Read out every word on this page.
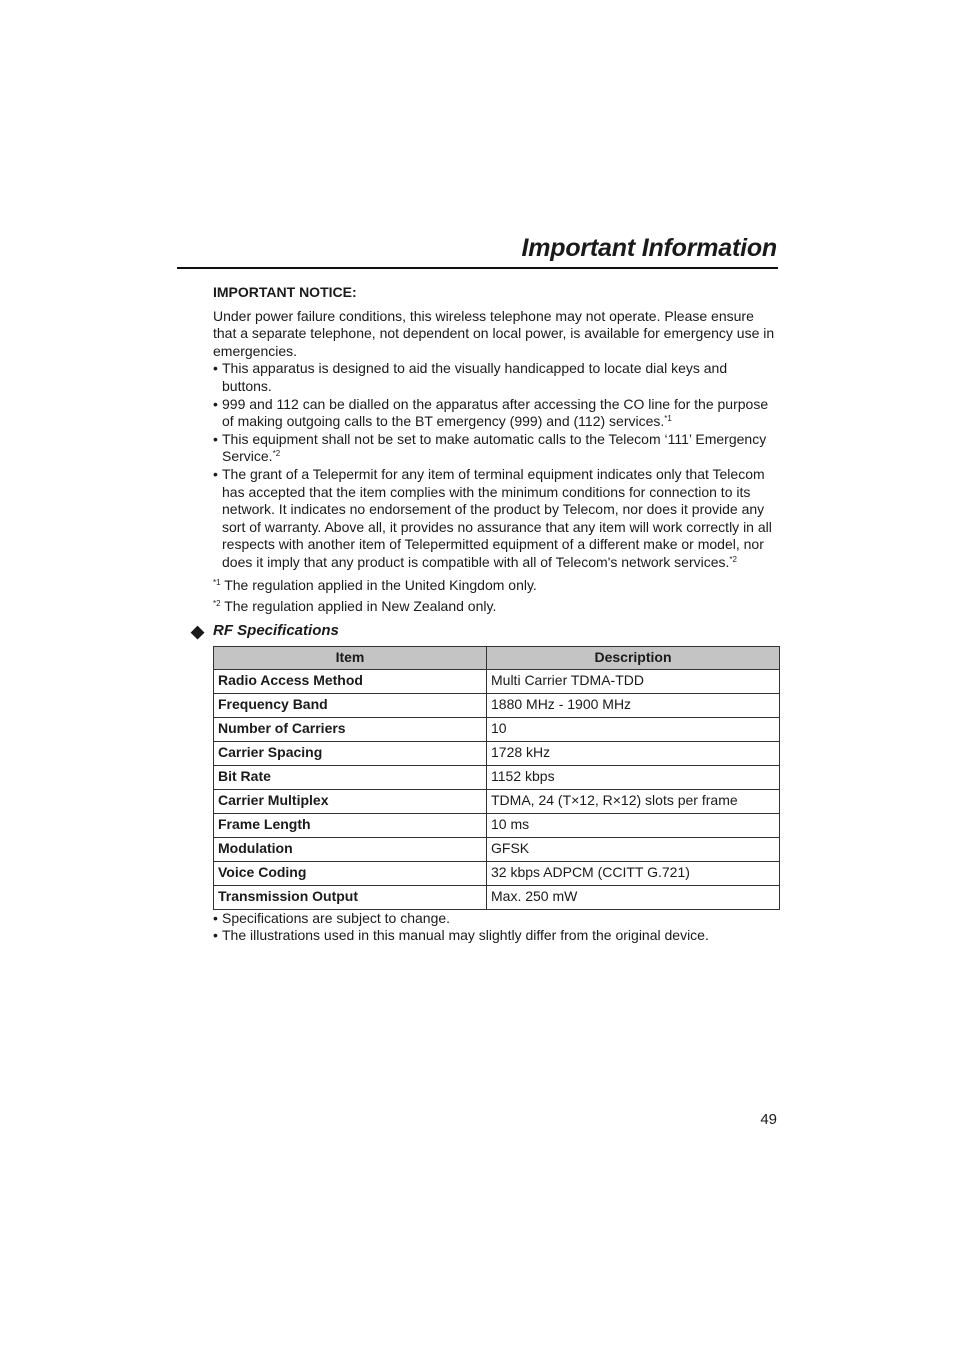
Important Information
IMPORTANT NOTICE:

Under power failure conditions, this wireless telephone may not operate. Please ensure that a separate telephone, not dependent on local power, is available for emergency use in emergencies.

• This apparatus is designed to aid the visually handicapped to locate dial keys and buttons.
• 999 and 112 can be dialled on the apparatus after accessing the CO line for the purpose of making outgoing calls to the BT emergency (999) and (112) services.$^{*1}$
• This equipment shall not be set to make automatic calls to the Telecom ‘111’ Emergency Service.$^{*2}$
• The grant of a Telepermit for any item of terminal equipment indicates only that Telecom has accepted that the item complies with the minimum conditions for connection to its network. It indicates no endorsement of the product by Telecom, nor does it provide any sort of warranty. Above all, it provides no assurance that any item will work correctly in all respects with another item of Telepermitted equipment of a different make or model, nor does it imply that any product is compatible with all of Telecom's network services.$^{*2}$

$^{*1}$ The regulation applied in the United Kingdom only.

$^{*2}$ The regulation applied in New Zealand only.

◆ RF Specifications
Item	Description
Radio Access Method	Multi Carrier TDMA-TDD
Frequency Band	1880 MHz - 1900 MHz
Number of Carriers	10
Carrier Spacing	1728 kHz
Bit Rate	1152 kbps
Carrier Multiplex	TDMA, 24 (T×12, R×12) slots per frame
Frame Length	10 ms
Modulation	GFSK
Voice Coding	32 kbps ADPCM (CCITT G.721)
Transmission Output	Max. 250 mW
• Specifications are subject to change.
• The illustrations used in this manual may slightly differ from the original device.
49
